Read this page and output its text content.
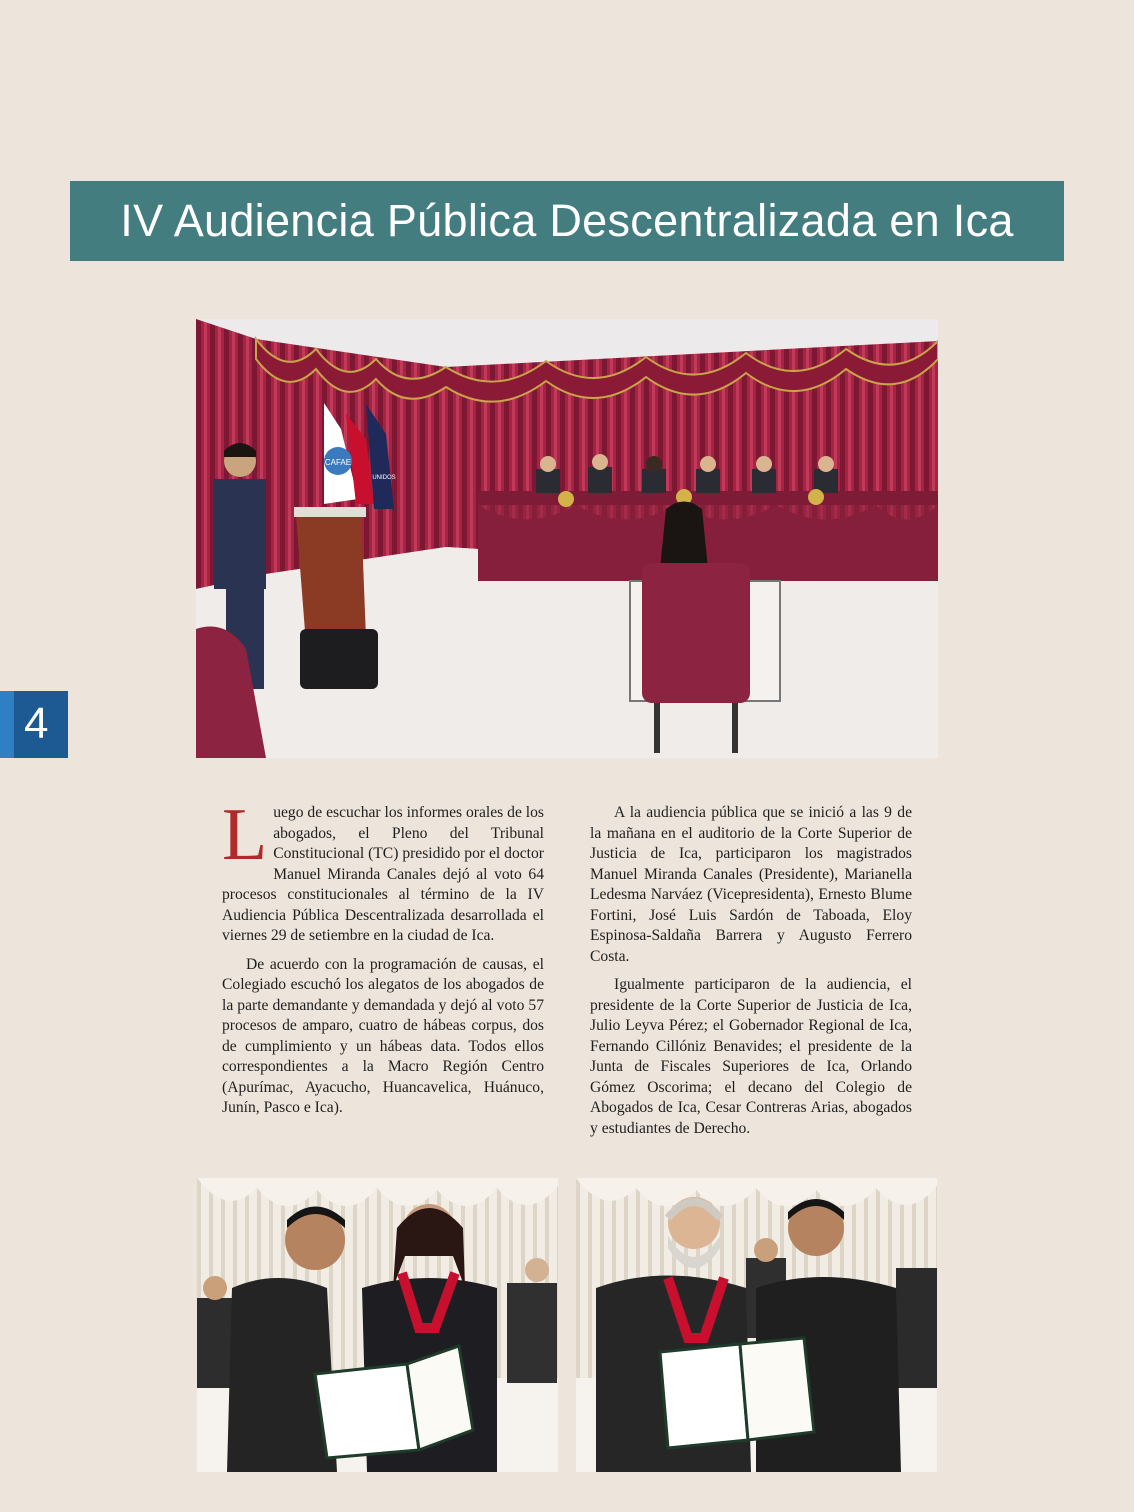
IV Audiencia Pública Descentralizada en Ica
CAFAE
UNIDOS
4

Luego de escuchar los informes orales de los abogados, el Pleno del Tribunal Constitucional (TC) presidido por el doctor Manuel Miranda Canales dejó al voto 64 procesos constitucionales al término de la IV Audiencia Pública Descentralizada desarrollada el viernes 29 de setiembre en la ciudad de Ica.

De acuerdo con la programación de causas, el Colegiado escuchó los alegatos de los abogados de la parte demandante y demandada y dejó al voto 57 procesos de amparo, cuatro de hábeas corpus, dos de cumplimiento y un hábeas data. Todos ellos correspondientes a la Macro Región Centro (Apurímac, Ayacucho, Huancavelica, Huánuco, Junín, Pasco e Ica).

A la audiencia pública que se inició a las 9 de la mañana en el auditorio de la Corte Superior de Justicia de Ica, participaron los magistrados Manuel Miranda Canales (Presidente), Marianella Ledesma Narváez (Vicepresidenta), Ernesto Blume Fortini, José Luis Sardón de Taboada, Eloy Espinosa-Saldaña Barrera y Augusto Ferrero Costa.

Igualmente participaron de la audiencia, el presidente de la Corte Superior de Justicia de Ica, Julio Leyva Pérez; el Gobernador Regional de Ica, Fernando Cillóniz Benavides; el presidente de la Junta de Fiscales Superiores de Ica, Orlando Gómez Oscorima; el decano del Colegio de Abogados de Ica, Cesar Contreras Arias, abogados y estudiantes de Derecho.
